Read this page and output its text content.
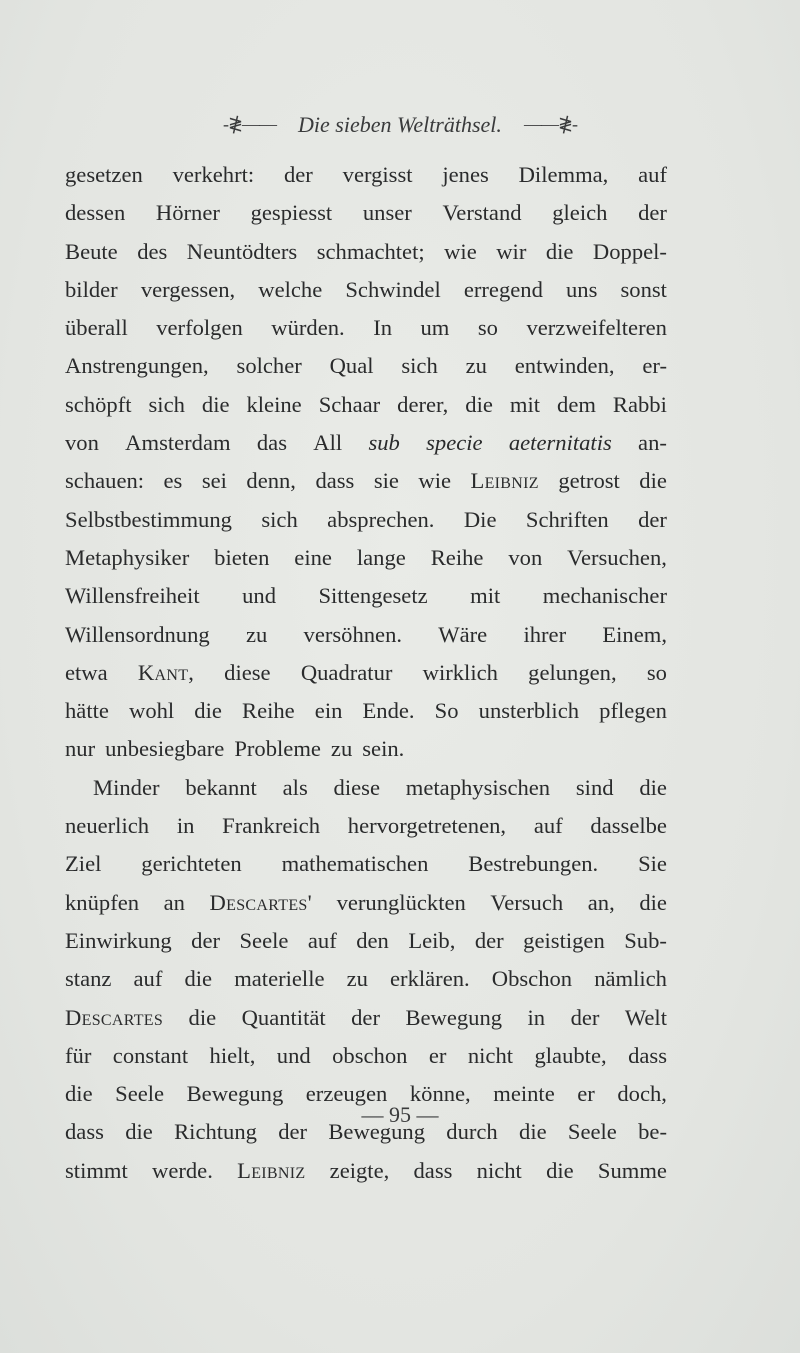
-≹—— Die sieben Welträthsel. ——≹-
gesetzen verkehrt: der vergisst jenes Dilemma, auf
dessen Hörner gespiesst unser Verstand gleich der
Beute des Neuntödters schmachtet; wie wir die Doppel-
bilder vergessen, welche Schwindel erregend uns sonst
überall verfolgen würden. In um so verzweifelteren
Anstrengungen, solcher Qual sich zu entwinden, er-
schöpft sich die kleine Schaar derer, die mit dem Rabbi
von Amsterdam das All sub specie aeternitatis an-
schauen: es sei denn, dass sie wie Leibniz getrost die
Selbstbestimmung sich absprechen. Die Schriften der
Metaphysiker bieten eine lange Reihe von Versuchen,
Willensfreiheit und Sittengesetz mit mechanischer
Willensordnung zu versöhnen. Wäre ihrer Einem,
etwa Kant, diese Quadratur wirklich gelungen, so
hätte wohl die Reihe ein Ende. So unsterblich pflegen
nur unbesiegbare Probleme zu sein.
Minder bekannt als diese metaphysischen sind die
neuerlich in Frankreich hervorgetretenen, auf dasselbe
Ziel gerichteten mathematischen Bestrebungen. Sie
knüpfen an Descartes' verunglückten Versuch an, die
Einwirkung der Seele auf den Leib, der geistigen Sub-
stanz auf die materielle zu erklären. Obschon nämlich
Descartes die Quantität der Bewegung in der Welt
für constant hielt, und obschon er nicht glaubte, dass
die Seele Bewegung erzeugen könne, meinte er doch,
dass die Richtung der Bewegung durch die Seele be-
stimmt werde. Leibniz zeigte, dass nicht die Summe
— 95 —
